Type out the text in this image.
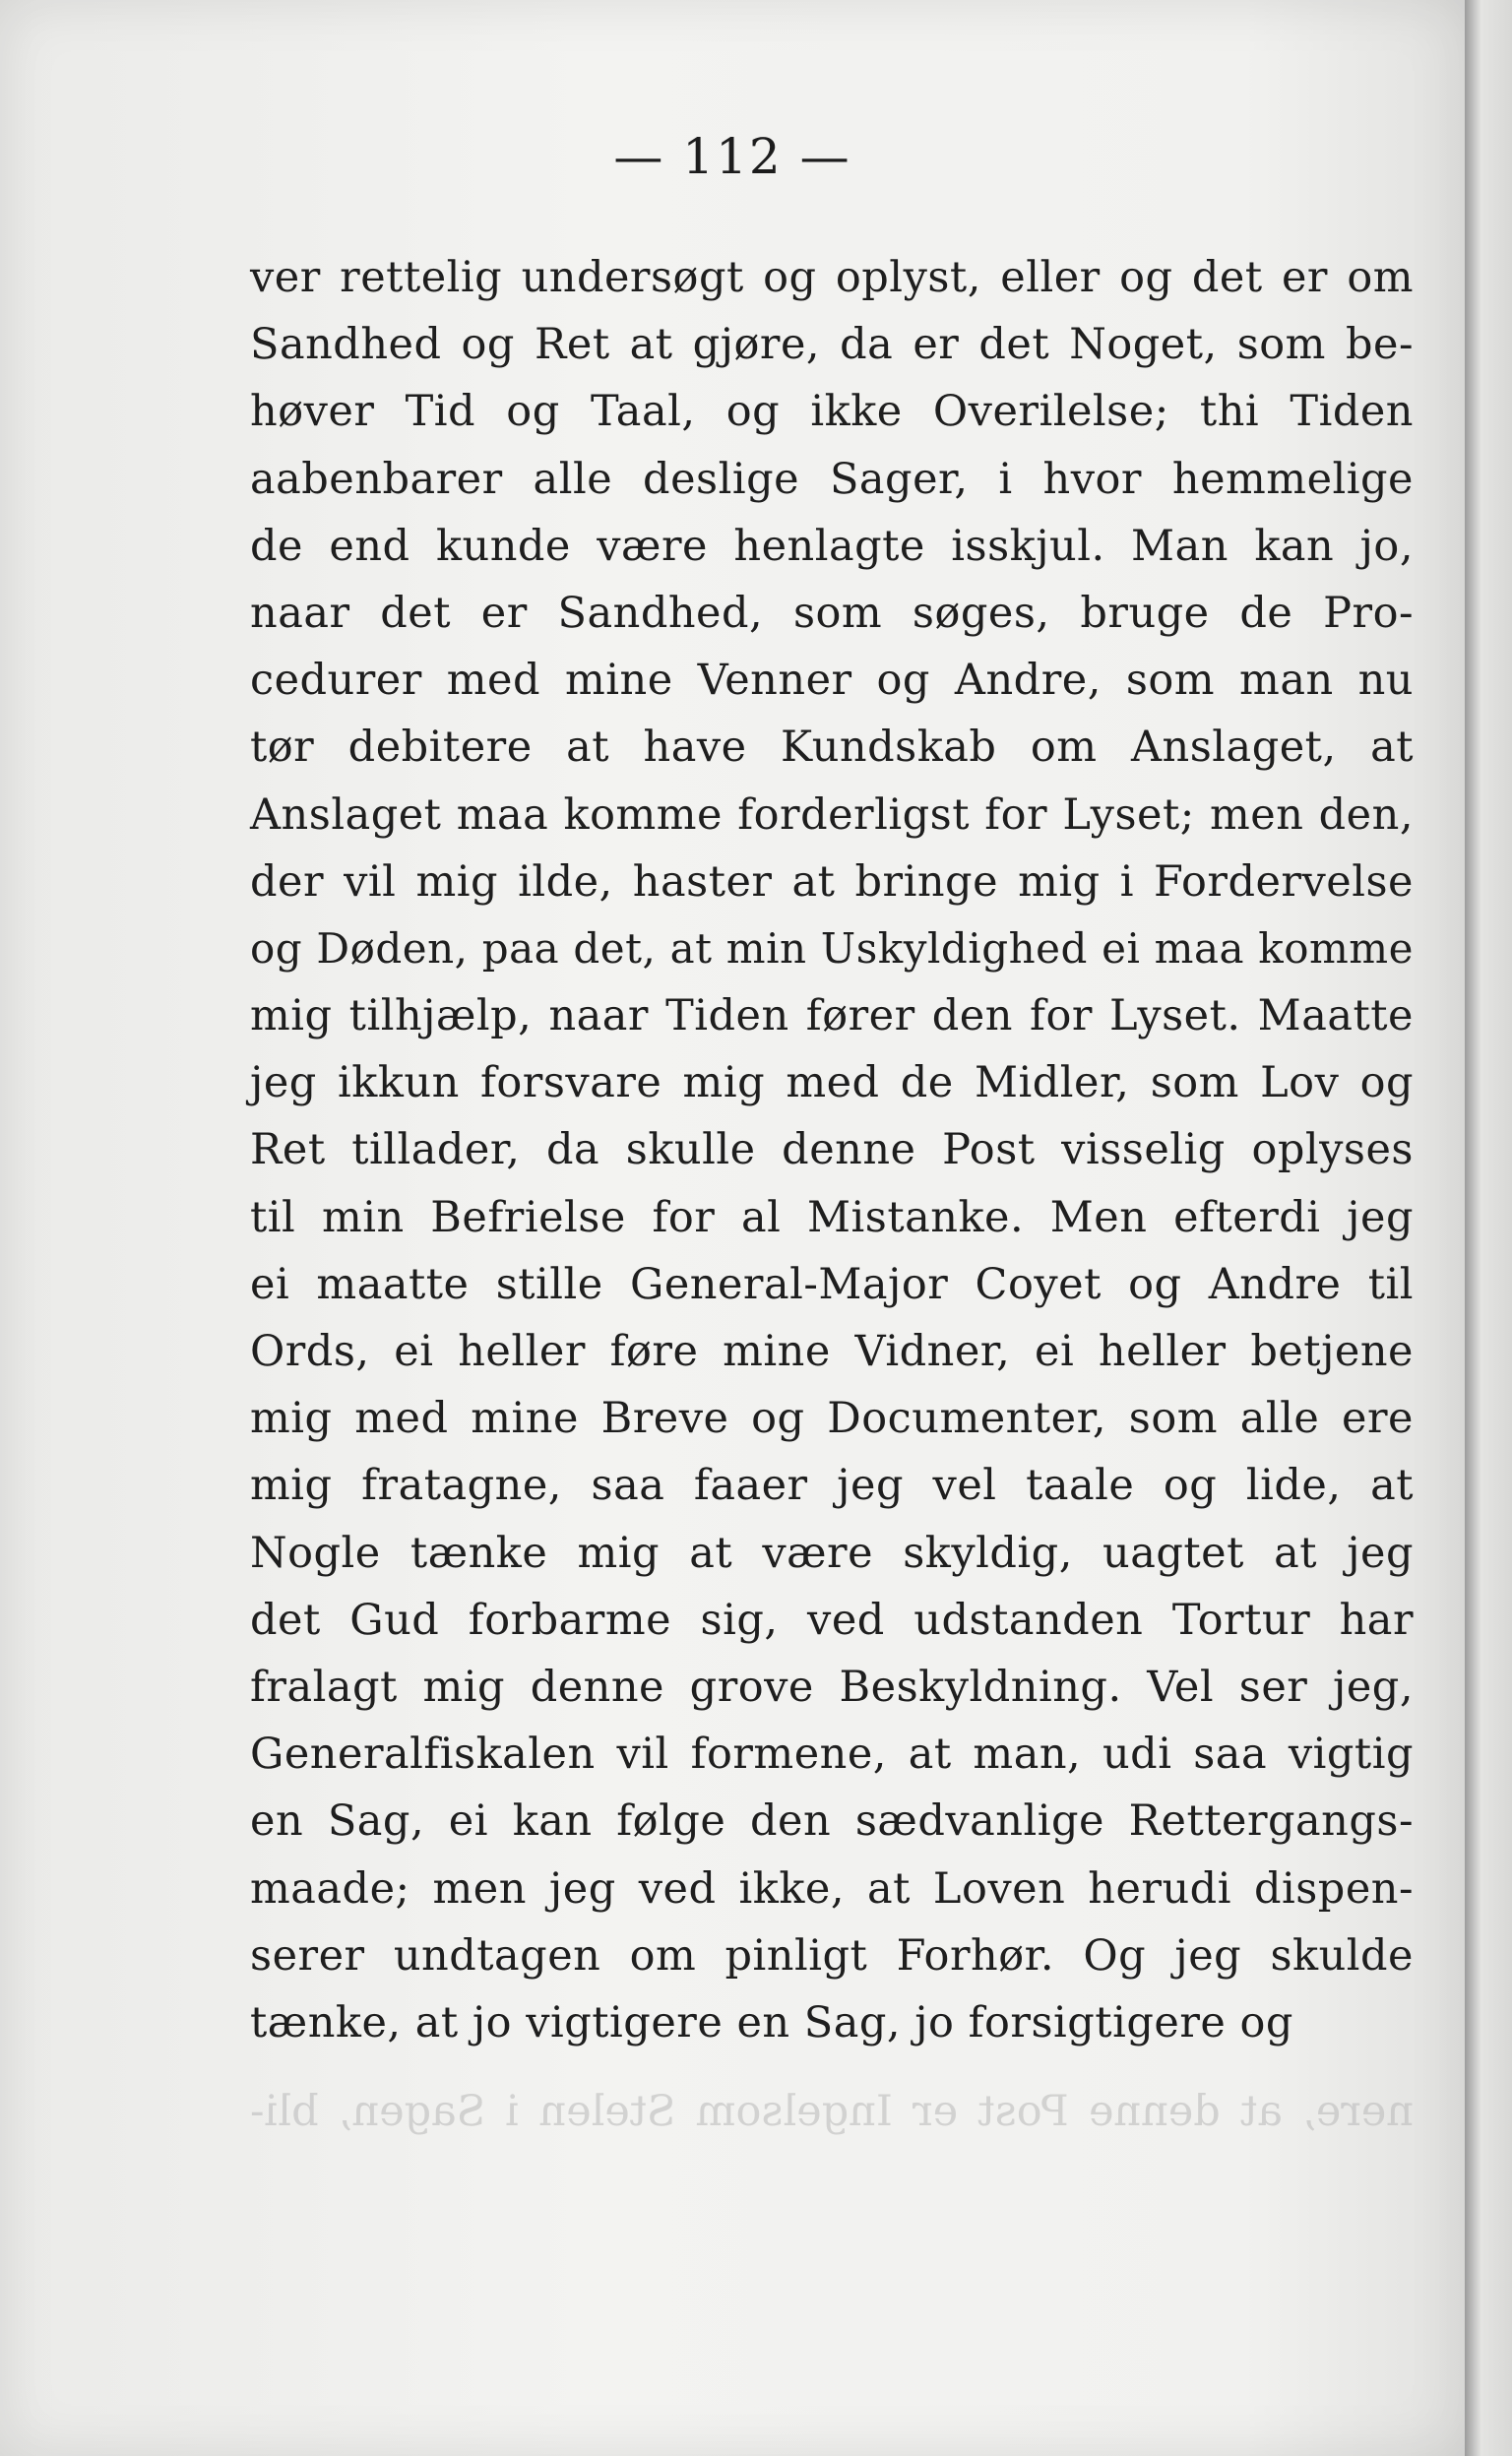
— 112 —
ver rettelig undersøgt og oplyst, eller og det er om
Sandhed og Ret at gjøre, da er det Noget, som be-
høver Tid og Taal, og ikke Overilelse; thi Tiden
aabenbarer alle deslige Sager, i hvor hemmelige
de end kunde være henlagte isskjul. Man kan jo,
naar det er Sandhed, som søges, bruge de Pro-
cedurer med mine Venner og Andre, som man nu
tør debitere at have Kundskab om Anslaget, at
Anslaget maa komme forderligst for Lyset; men den,
der vil mig ilde, haster at bringe mig i Fordervelse
og Døden, paa det, at min Uskyldighed ei maa komme
mig tilhjælp, naar Tiden fører den for Lyset. Maatte
jeg ikkun forsvare mig med de Midler, som Lov og
Ret tillader, da skulle denne Post visselig oplyses
til min Befrielse for al Mistanke. Men efterdi jeg
ei maatte stille General-Major Coyet og Andre til
Ords, ei heller føre mine Vidner, ei heller betjene
mig med mine Breve og Documenter, som alle ere
mig fratagne, saa faaer jeg vel taale og lide, at
Nogle tænke mig at være skyldig, uagtet at jeg
det Gud forbarme sig, ved udstanden Tortur har
fralagt mig denne grove Beskyldning. Vel ser jeg,
Generalfiskalen vil formene, at man, udi saa vigtig
en Sag, ei kan følge den sædvanlige Rettergangs-
maade; men jeg ved ikke, at Loven herudi dispen-
serer undtagen om pinligt Forhør. Og jeg skulde
tænke, at jo vigtigere en Sag, jo forsigtigere og
nere, at denne Post er Ingelsom Stelen i Sagen, bli-
